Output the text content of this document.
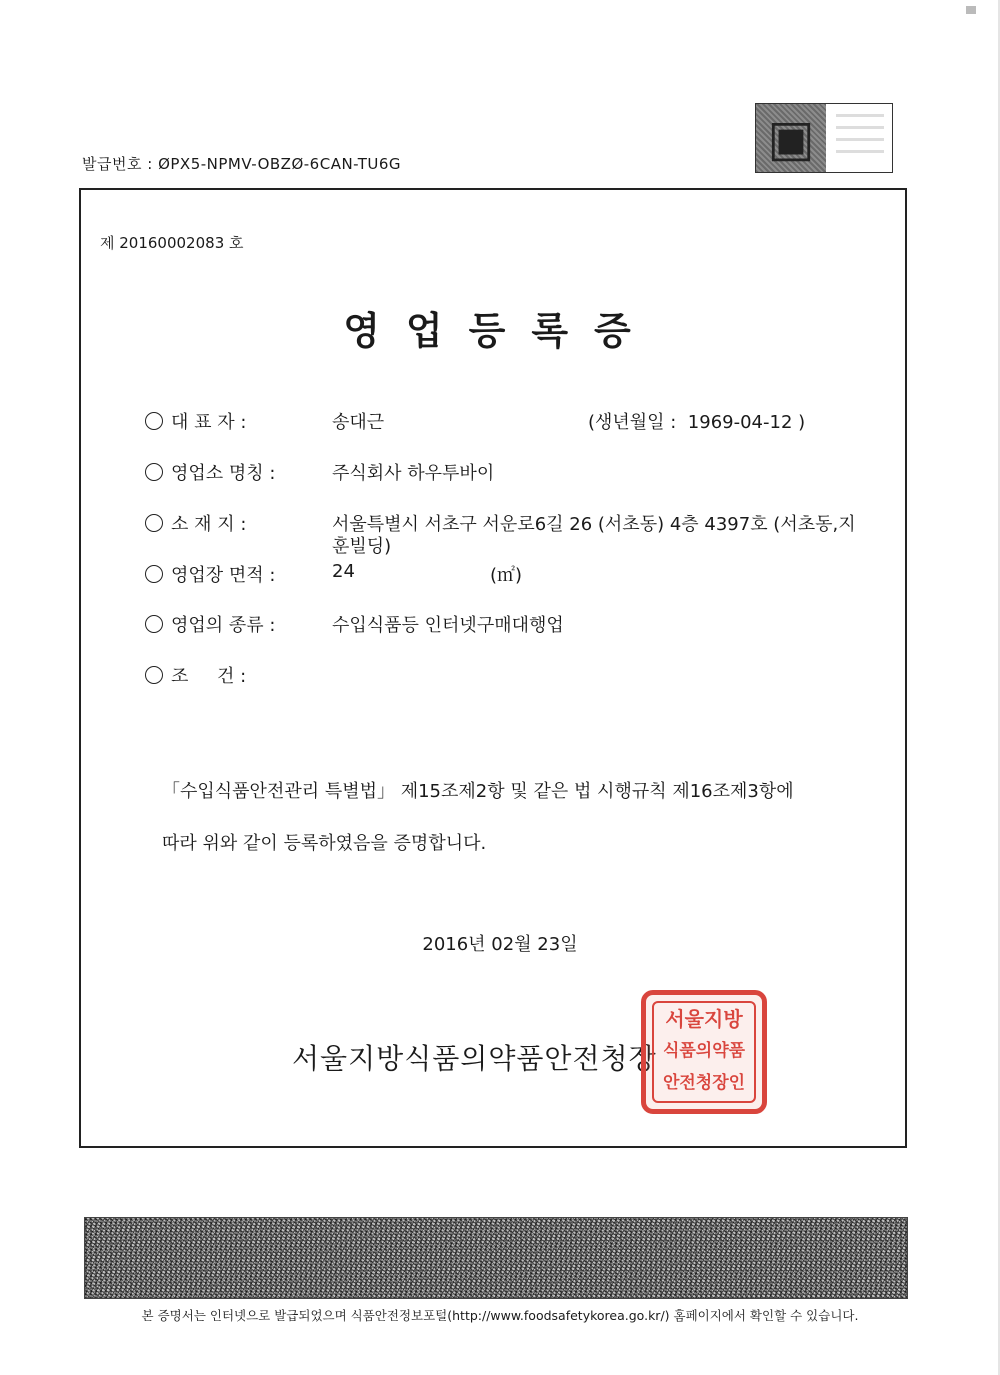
발급번호 : ØPX5-NPMV-OBZØ-6CAN-TU6G	▣
제 20160002083 호
영업등록증
대 표 자 :	송대근	(생년월일 :  1969-04-12 )
영업소 명칭 :	주식회사 하우투바이
소 재 지 :	서울특별시 서초구 서운로6길 26 (서초동) 4층 4397호 (서초동,지
훈빌딩)
영업장 면적 :	24	(㎡)
영업의 종류 :	수입식품등 인터넷구매대행업
조     건 :
「수입식품안전관리 특별법」 제15조제2항 및 같은 법 시행규칙 제16조제3항에
따라 위와 같이 등록하였음을 증명합니다.
2016년 02월 23일
서울지방식품의약품안전청장
서울지방
식품의약품
안전청장인
본 증명서는 인터넷으로 발급되었으며 식품안전정보포털(http://www.foodsafetykorea.go.kr/) 홈페이지에서 확인할 수 있습니다.
